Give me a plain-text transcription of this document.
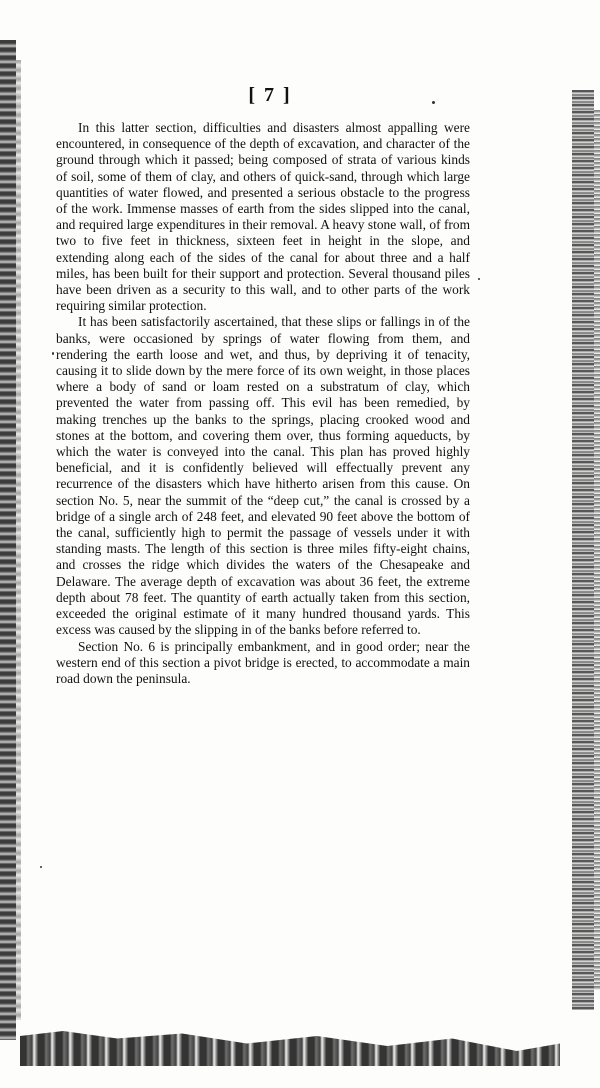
[ 7 ]

In this latter section, difficulties and disasters almost appalling were encountered, in consequence of the depth of excavation, and character of the ground through which it passed; being composed of strata of various kinds of soil, some of them of clay, and others of quick-sand, through which large quantities of water flowed, and presented a serious obstacle to the progress of the work. Immense masses of earth from the sides slipped into the canal, and required large expenditures in their removal. A heavy stone wall, of from two to five feet in thickness, sixteen feet in height in the slope, and extending along each of the sides of the canal for about three and a half miles, has been built for their support and protection. Several thousand piles have been driven as a security to this wall, and to other parts of the work requiring similar protection.

It has been satisfactorily ascertained, that these slips or fallings in of the banks, were occasioned by springs of water flowing from them, and rendering the earth loose and wet, and thus, by depriving it of tenacity, causing it to slide down by the mere force of its own weight, in those places where a body of sand or loam rested on a substratum of clay, which prevented the water from passing off. This evil has been remedied, by making trenches up the banks to the springs, placing crooked wood and stones at the bottom, and covering them over, thus forming aqueducts, by which the water is conveyed into the canal. This plan has proved highly beneficial, and it is confidently believed will effectually prevent any recurrence of the disasters which have hitherto arisen from this cause. On section No. 5, near the summit of the “deep cut,” the canal is crossed by a bridge of a single arch of 248 feet, and elevated 90 feet above the bottom of the canal, sufficiently high to permit the passage of vessels under it with standing masts. The length of this section is three miles fifty-eight chains, and crosses the ridge which divides the waters of the Chesapeake and Delaware. The average depth of excavation was about 36 feet, the extreme depth about 78 feet. The quantity of earth actually taken from this section, exceeded the original estimate of it many hundred thousand yards. This excess was caused by the slipping in of the banks before referred to.

Section No. 6 is principally embankment, and in good order; near the western end of this section a pivot bridge is erected, to accommodate a main road down the peninsula.
